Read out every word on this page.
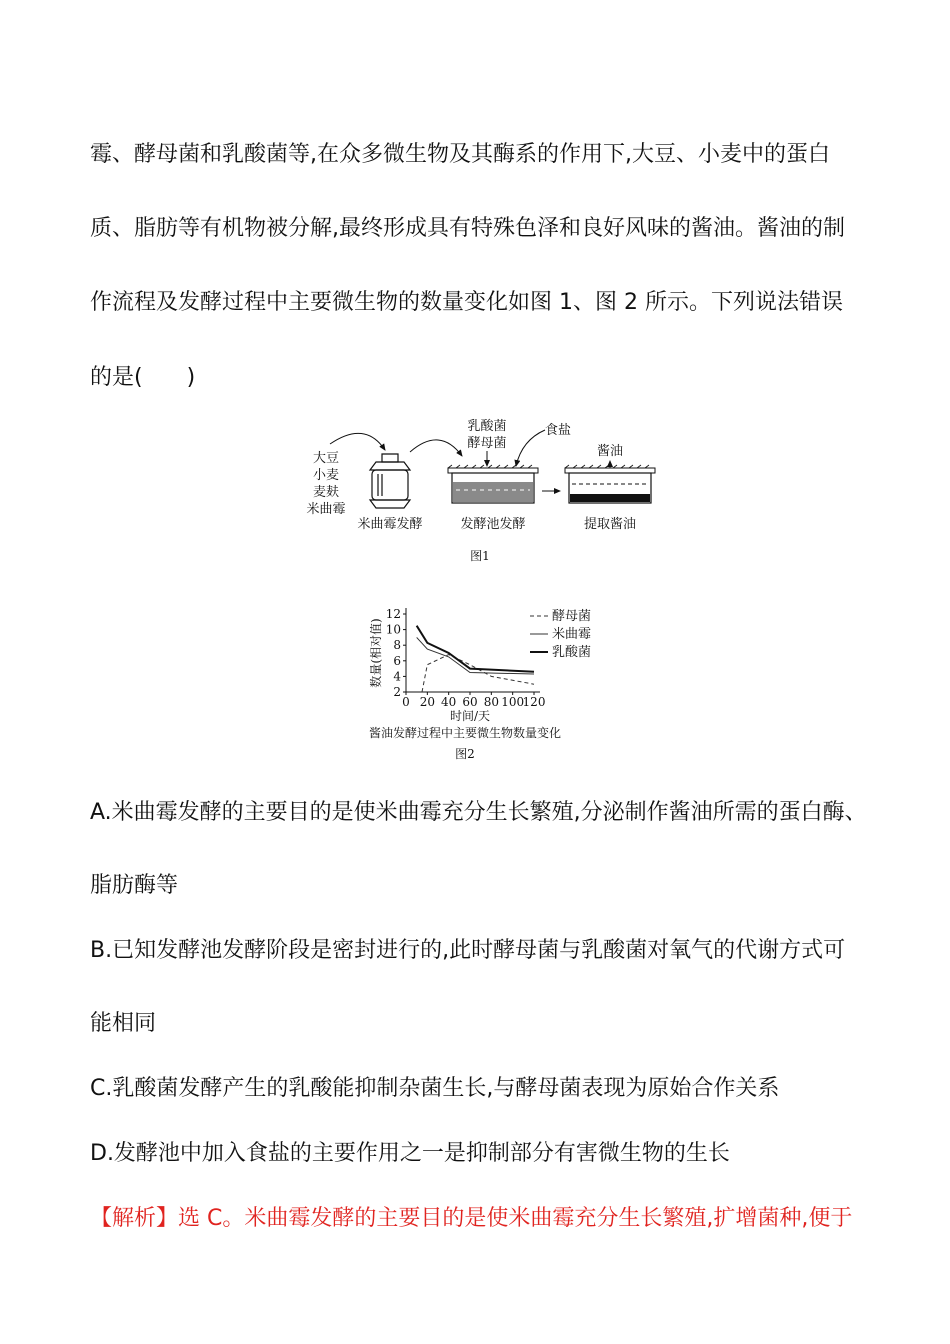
霉、酵母菌和乳酸菌等,在众多微生物及其酶系的作用下,大豆、小麦中的蛋白
质、脂肪等有机物被分解,最终形成具有特殊色泽和良好风味的酱油。酱油的制
作流程及发酵过程中主要微生物的数量变化如图 1、图 2 所示。下列说法错误
的是(　　)
大豆
小麦
麦麸
米曲霉
米曲霉发酵
乳酸菌
酵母菌
食盐
发酵池发酵
酱油
提取酱油
图1
2
4
6
8
10
12
0 20 40 60 80 100
120
时间/天
数量(相对值)
酵母菌
米曲霉
乳酸菌
酱油发酵过程中主要微生物数量变化
图2
A.米曲霉发酵的主要目的是使米曲霉充分生长繁殖,分泌制作酱油所需的蛋白酶、
脂肪酶等
B.已知发酵池发酵阶段是密封进行的,此时酵母菌与乳酸菌对氧气的代谢方式可
能相同
C.乳酸菌发酵产生的乳酸能抑制杂菌生长,与酵母菌表现为原始合作关系
D.发酵池中加入食盐的主要作用之一是抑制部分有害微生物的生长
【解析】选 C。米曲霉发酵的主要目的是使米曲霉充分生长繁殖,扩增菌种,便于
